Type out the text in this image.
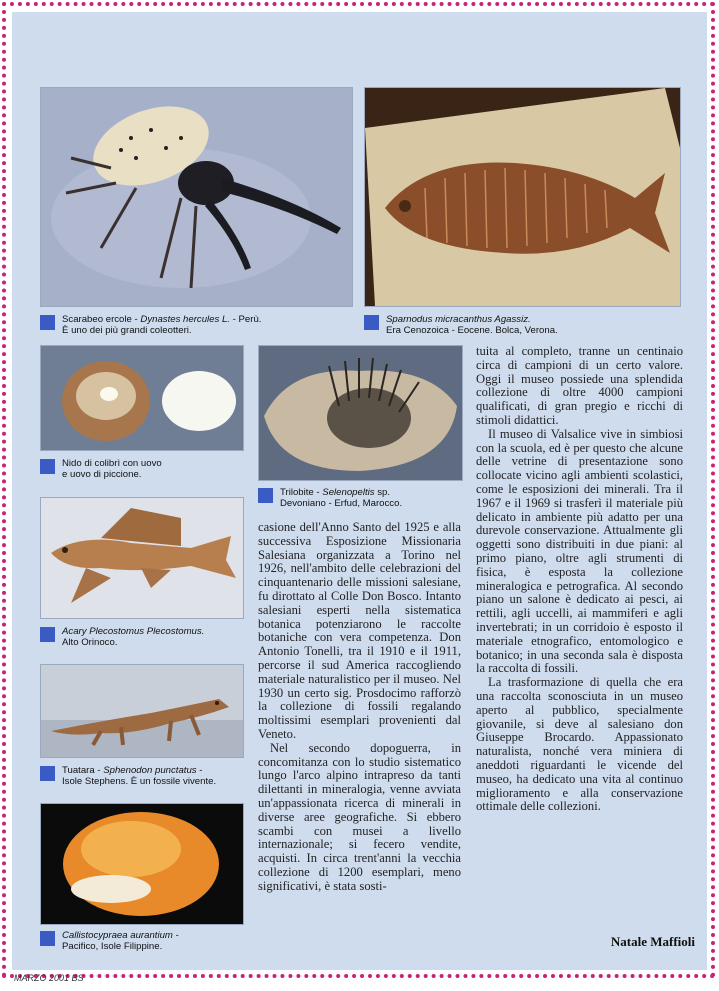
Scarabeo ercole - Dynastes hercules L. - Perù.
È uno dei più grandi coleotteri.
Sparnodus micracanthus Agassiz.
Era Cenozoica - Eocene. Bolca, Verona.
Nido di colibrì con uovo
e uovo di piccione.
Trilobite - Selenopeltis sp.
Devoniano - Erfud, Marocco.
Acary Plecostomus Plecostomus.
Alto Orinoco.
Tuatara - Sphenodon punctatus -
Isole Stephens. È un fossile vivente.
Callistocypraea aurantium -
Pacifico, Isole Filippine.

casione dell'Anno Santo del 1925 e alla successiva Esposizione Missionaria Salesiana organizzata a Torino nel 1926, nell'ambito delle celebrazioni del cinquantenario delle missioni salesiane, fu dirottato al Colle Don Bosco. Intanto salesiani esperti nella sistematica botanica potenziarono le raccolte botaniche con vera competenza. Don Antonio Tonelli, tra il 1910 e il 1911, percorse il sud America raccogliendo materiale naturalistico per il museo. Nel 1930 un certo sig. Prosdocimo rafforzò la collezione di fossili regalando moltissimi esemplari provenienti dal Veneto.

Nel secondo dopoguerra, in concomitanza con lo studio sistematico lungo l'arco alpino intrapreso da tanti dilettanti in mineralogia, venne avviata un'appassionata ricerca di minerali in diverse aree geografiche. Si ebbero scambi con musei a livello internazionale; si fecero vendite, acquisti. In circa trent'anni la vecchia collezione di 1200 esemplari, meno significativi, è stata sosti-

tuita al completo, tranne un centinaio circa di campioni di un certo valore. Oggi il museo possiede una splendida collezione di oltre 4000 campioni qualificati, di gran pregio e ricchi di stimoli didattici.

Il museo di Valsalice vive in simbiosi con la scuola, ed è per questo che alcune delle vetrine di presentazione sono collocate vicino agli ambienti scolastici, come le esposizioni dei minerali. Tra il 1967 e il 1969 si trasferì il materiale più delicato in ambiente più adatto per una durevole conservazione. Attualmente gli oggetti sono distribuiti in due piani: al primo piano, oltre agli strumenti di fisica, è esposta la collezione mineralogica e petrografica. Al secondo piano un salone è dedicato ai pesci, ai rettili, agli uccelli, ai mammiferi e agli invertebrati; in un corridoio è esposto il materiale etnografico, entomologico e botanico; in una seconda sala è disposta la raccolta di fossili.

La trasformazione di quella che era una raccolta sconosciuta in un museo aperto al pubblico, specialmente giovanile, si deve al salesiano don Giuseppe Brocardo. Appassionato naturalista, nonché vera miniera di aneddoti riguardanti le vicende del museo, ha dedicato una vita al continuo miglioramento e alla conservazione ottimale delle collezioni.

Natale Maffioli
MARZO 2001 BS
